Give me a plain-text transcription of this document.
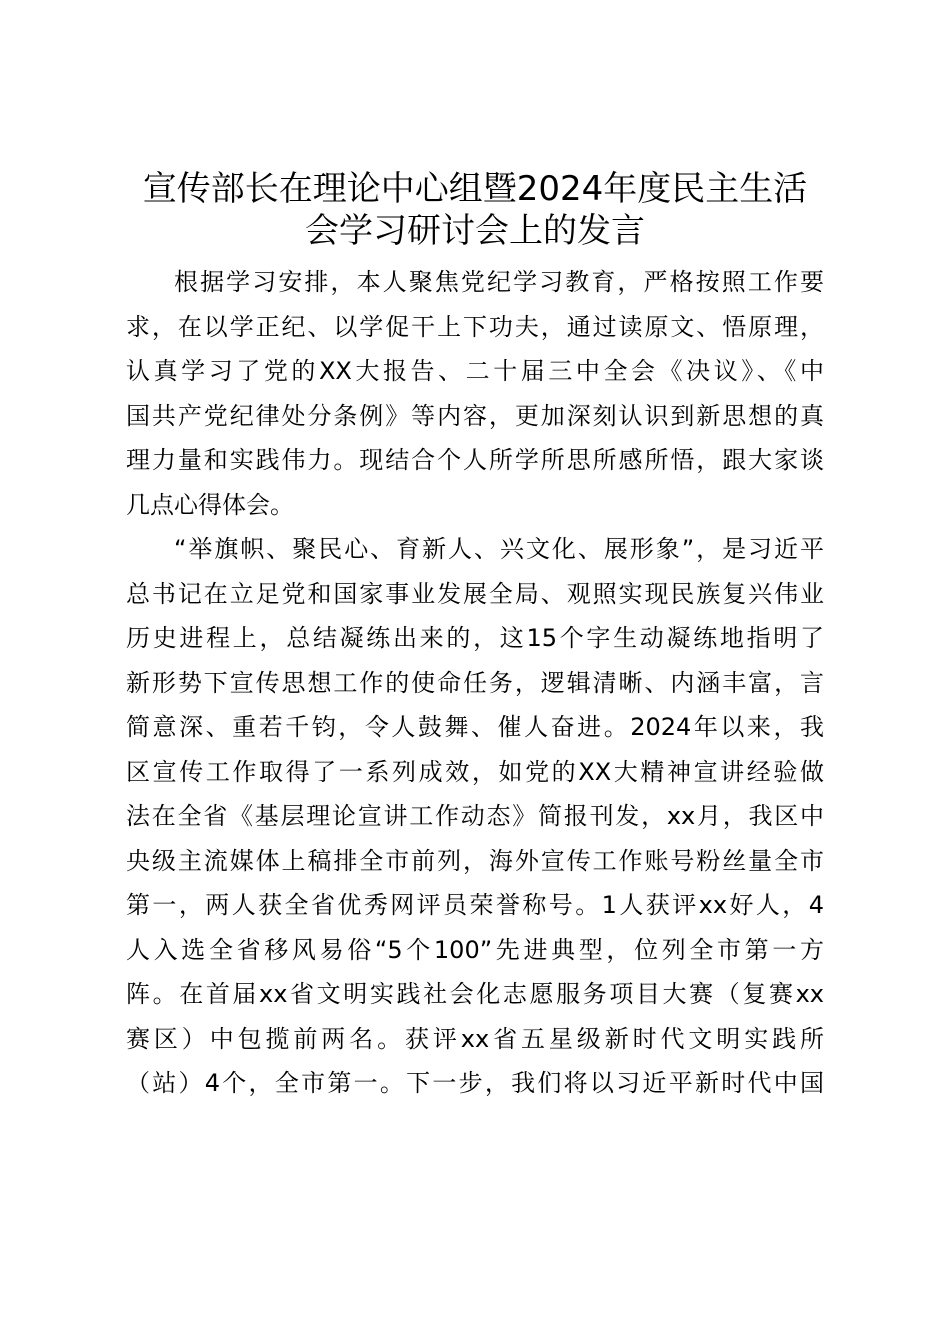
宣传部长在理论中心组暨2024年度民主生活
会学习研讨会上的发言
根据学习安排，本人聚焦党纪学习教育，严格按照工作要
求，在以学正纪、以学促干上下功夫，通过读原文、悟原理，
认真学习了党的XX大报告、二十届三中全会《决议》、《中
国共产党纪律处分条例》等内容，更加深刻认识到新思想的真
理力量和实践伟力。现结合个人所学所思所感所悟，跟大家谈
几点心得体会。
“举旗帜、聚民心、育新人、兴文化、展形象”，是习近平
总书记在立足党和国家事业发展全局、观照实现民族复兴伟业
历史进程上，总结凝练出来的，这15个字生动凝练地指明了
新形势下宣传思想工作的使命任务，逻辑清晰、内涵丰富，言
简意深、重若千钧，令人鼓舞、催人奋进。2024年以来，我
区宣传工作取得了一系列成效，如党的XX大精神宣讲经验做
法在全省《基层理论宣讲工作动态》简报刊发，xx月，我区中
央级主流媒体上稿排全市前列，海外宣传工作账号粉丝量全市
第一，两人获全省优秀网评员荣誉称号。1人获评xx好人，4
人入选全省移风易俗“5个100”先进典型，位列全市第一方
阵。在首届xx省文明实践社会化志愿服务项目大赛（复赛xx
赛区）中包揽前两名。获评xx省五星级新时代文明实践所
（站）4个，全市第一。下一步，我们将以习近平新时代中国
